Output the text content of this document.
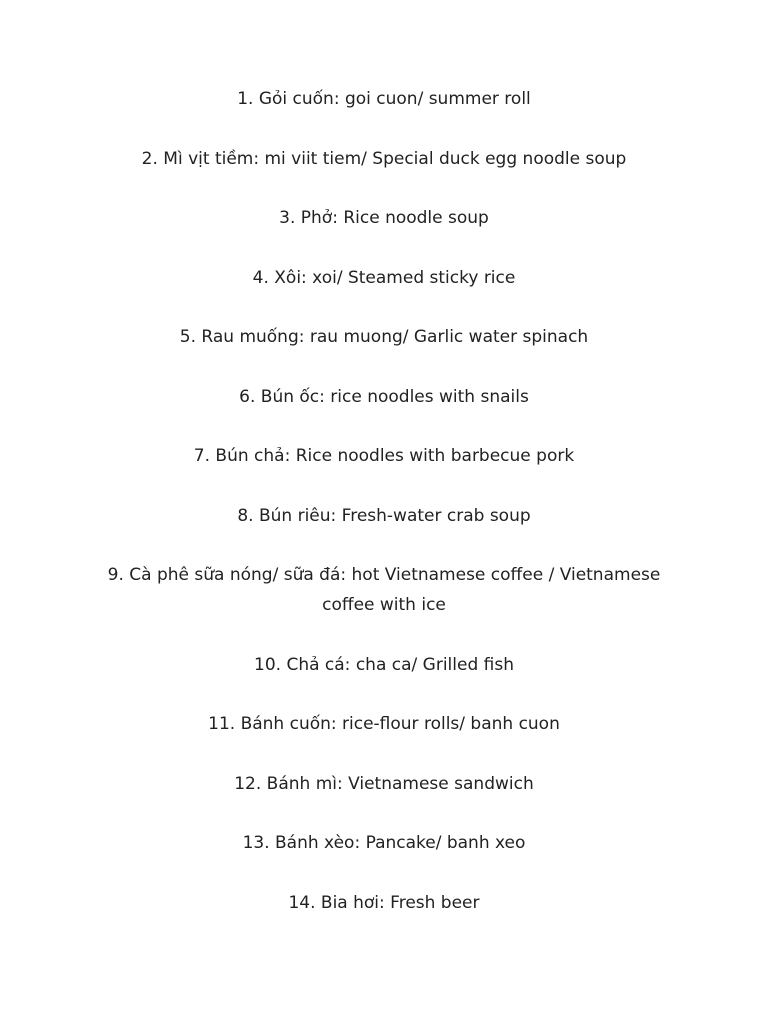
1. Gỏi cuốn: goi cuon/ summer roll
2. Mì vịt tiềm: mi viit tiem/ Special duck egg noodle soup
3. Phở: Rice noodle soup
4. Xôi: xoi/ Steamed sticky rice
5. Rau muống: rau muong/ Garlic water spinach
6. Bún ốc: rice noodles with snails
7. Bún chả: Rice noodles with barbecue pork
8. Bún riêu: Fresh-water crab soup
9. Cà phê sữa nóng/ sữa đá: hot Vietnamese coffee / Vietnamese coffee with ice
10. Chả cá: cha ca/ Grilled fish
11. Bánh cuốn: rice-flour rolls/ banh cuon
12. Bánh mì: Vietnamese sandwich
13. Bánh xèo: Pancake/ banh xeo
14. Bia hơi: Fresh beer
